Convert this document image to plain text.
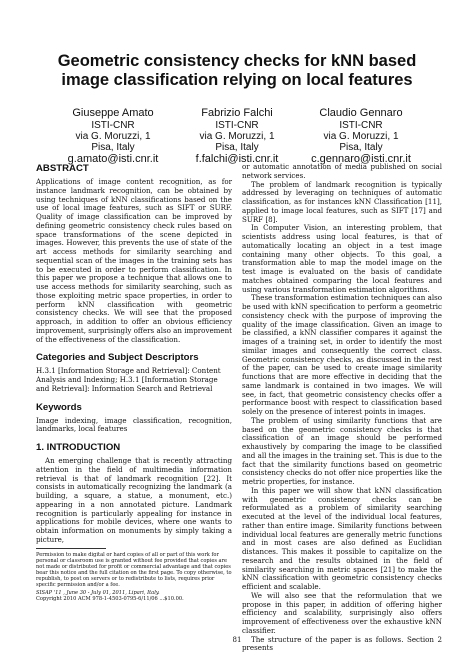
Geometric consistency checks for kNN based
image classification relying on local features
Giuseppe Amato
ISTI-CNR
via G. Moruzzi, 1
Pisa, Italy
g.amato@isti.cnr.it
Fabrizio Falchi
ISTI-CNR
via G. Moruzzi, 1
Pisa, Italy
f.falchi@isti.cnr.it
Claudio Gennaro
ISTI-CNR
via G. Moruzzi, 1
Pisa, Italy
c.gennaro@isti.cnr.it
ABSTRACT

Applications of image content recognition, as for instance landmark recognition, can be obtained by using techniques of kNN classifications based on the use of local image features, such as SIFT or SURF. Quality of image classification can be improved by defining geometric consistency check rules based on space transformations of the scene depicted in images. However, this prevents the use of state of the art access methods for similarity searching and sequential scan of the images in the training sets has to be executed in order to perform classification. In this paper we propose a technique that allows one to use access methods for similarity searching, such as those exploiting metric space properties, in order to perform kNN classification with geometric consistency checks. We will see that the proposed approach, in addition to offer an obvious efficiency improvement, surprisingly offers also an improvement of the effectiveness of the classification.

Categories and Subject Descriptors

H.3.1 [Information Storage and Retrieval]: Content Analysis and Indexing; H.3.1 [Information Storage and Retrieval]: Information Search and Retrieval

Keywords

Image indexing, image classification, recognition, landmarks, local features

1. INTRODUCTION

An emerging challenge that is recently attracting attention in the field of multimedia information retrieval is that of landmark recognition [22]. It consists in automatically recognizing the landmark (a building, a square, a statue, a monument, etc.) appearing in a non annotated picture. Landmark recognition is particularly appealing for instance in applications for mobile devices, where one wants to obtain information on monuments by simply taking a picture,

Permission to make digital or hard copies of all or part of this work for personal or classroom use is granted without fee provided that copies are not made or distributed for profit or commercial advantage and that copies bear this notice and the full citation on the first page. To copy otherwise, to republish, to post on servers or to redistribute to lists, requires prior specific permission and/or a fee.

SISAP '11 , June 30 - July 01, 2011, Lipari, Italy.

Copyright 2010 ACM 978-1-4503-0795-6/11/06 ...$10.00.

or automatic annotation of media published on social network services.

The problem of landmark recognition is typically addressed by leveraging on techniques of automatic classification, as for instances kNN Classification [11], applied to image local features, such as SIFT [17] and SURF [8].

In Computer Vision, an interesting problem, that scientists address using local features, is that of automatically locating an object in a test image containing many other objects. To this goal, a transformation able to map the model image on the test image is evaluated on the basis of candidate matches obtained comparing the local features and using various transformation estimation algorithms.

These transformation estimation techniques can also be used with kNN specification to perform a geometric consistency check with the purpose of improving the quality of the image classification. Given an image to be classified, a kNN classifier compares it against the images of a training set, in order to identify the most similar images and consequently the correct class. Geometric consistency checks, as discussed in the rest of the paper, can be used to create image similarity functions that are more effective in deciding that the same landmark is contained in two images. We will see, in fact, that geometric consistency checks offer a performance boost with respect to classification based solely on the presence of interest points in images.

The problem of using similarity functions that are based on the geometric consistency checks is that classification of an image should be performed exhaustively by comparing the image to be classified and all the images in the training set. This is due to the fact that the similarity functions based on geometric consistency checks do not offer nice properties like the metric properties, for instance.

In this paper we will show that kNN classification with geometric consistency checks can be reformulated as a problem of similarity searching executed at the level of the individual local features, rather than entire image. Similarity functions between individual local features are generally metric functions and in most cases are also defined as Euclidian distances. This makes it possible to capitalize on the research and the results obtained in the field of similarity searching in metric spaces [21] to make the kNN classification with geometric consistency checks efficient and scalable.

We will also see that the reformulation that we propose in this paper, in addition of offering higher efficiency and scalability, surprisingly also offers improvement of effectiveness over the exhaustive kNN classifier.

The structure of the paper is as follows. Section 2 presents

81
